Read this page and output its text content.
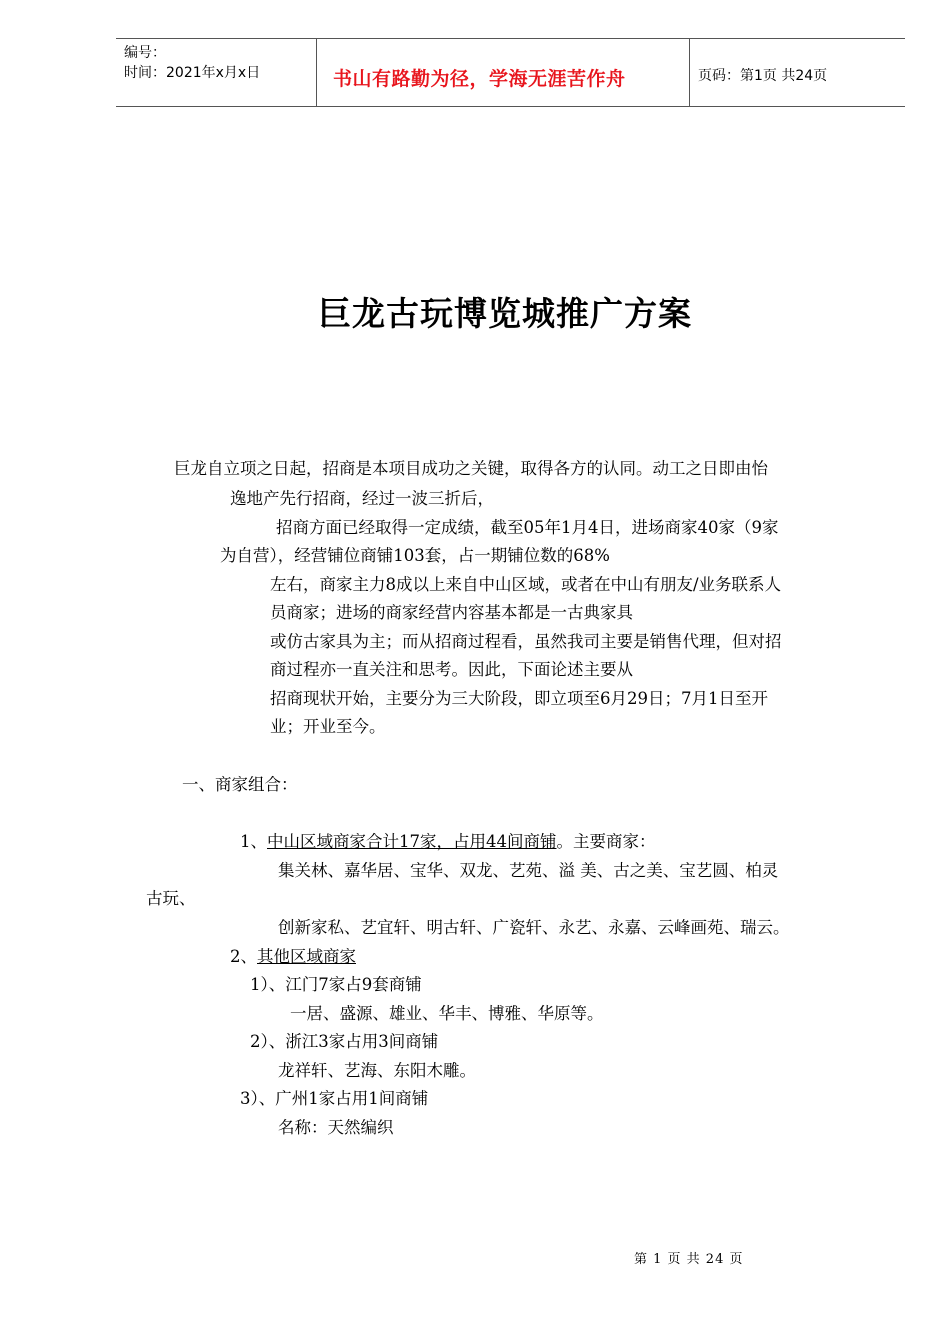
编号：
时间：2021年x月x日	书山有路勤为径，学海无涯苦作舟	页码：第1页 共24页
巨龙古玩博览城推广方案
巨龙自立项之日起，招商是本项目成功之关键，取得各方的认同。动工之日即由怡
逸地产先行招商，经过一波三折后，
招商方面已经取得一定成绩，截至05年1月4日，进场商家40家（9家
为自营），经营铺位商铺103套，占一期铺位数的68%
左右，商家主力8成以上来自中山区域，或者在中山有朋友/业务联系人
员商家；进场的商家经营内容基本都是一古典家具
或仿古家具为主；而从招商过程看，虽然我司主要是销售代理，但对招
商过程亦一直关注和思考。因此，下面论述主要从
招商现状开始，主要分为三大阶段，即立项至6月29日；7月1日至开
业；开业至今。
一、商家组合：
1、中山区域商家合计17家，占用44间商铺。主要商家：
集关林、嘉华居、宝华、双龙、艺苑、溢 美、古之美、宝艺圆、柏灵
古玩、
创新家私、艺宜轩、明古轩、广瓷轩、永艺、永嘉、云峰画苑、瑞云。
2、其他区域商家
1）、江门7家占9套商铺
一居、盛源、雄业、华丰、博雅、华原等。
2）、浙江3家占用3间商铺
龙祥轩、艺海、东阳木雕。
3）、广州1家占用1间商铺
名称：天然编织
第 1 页 共 24 页
